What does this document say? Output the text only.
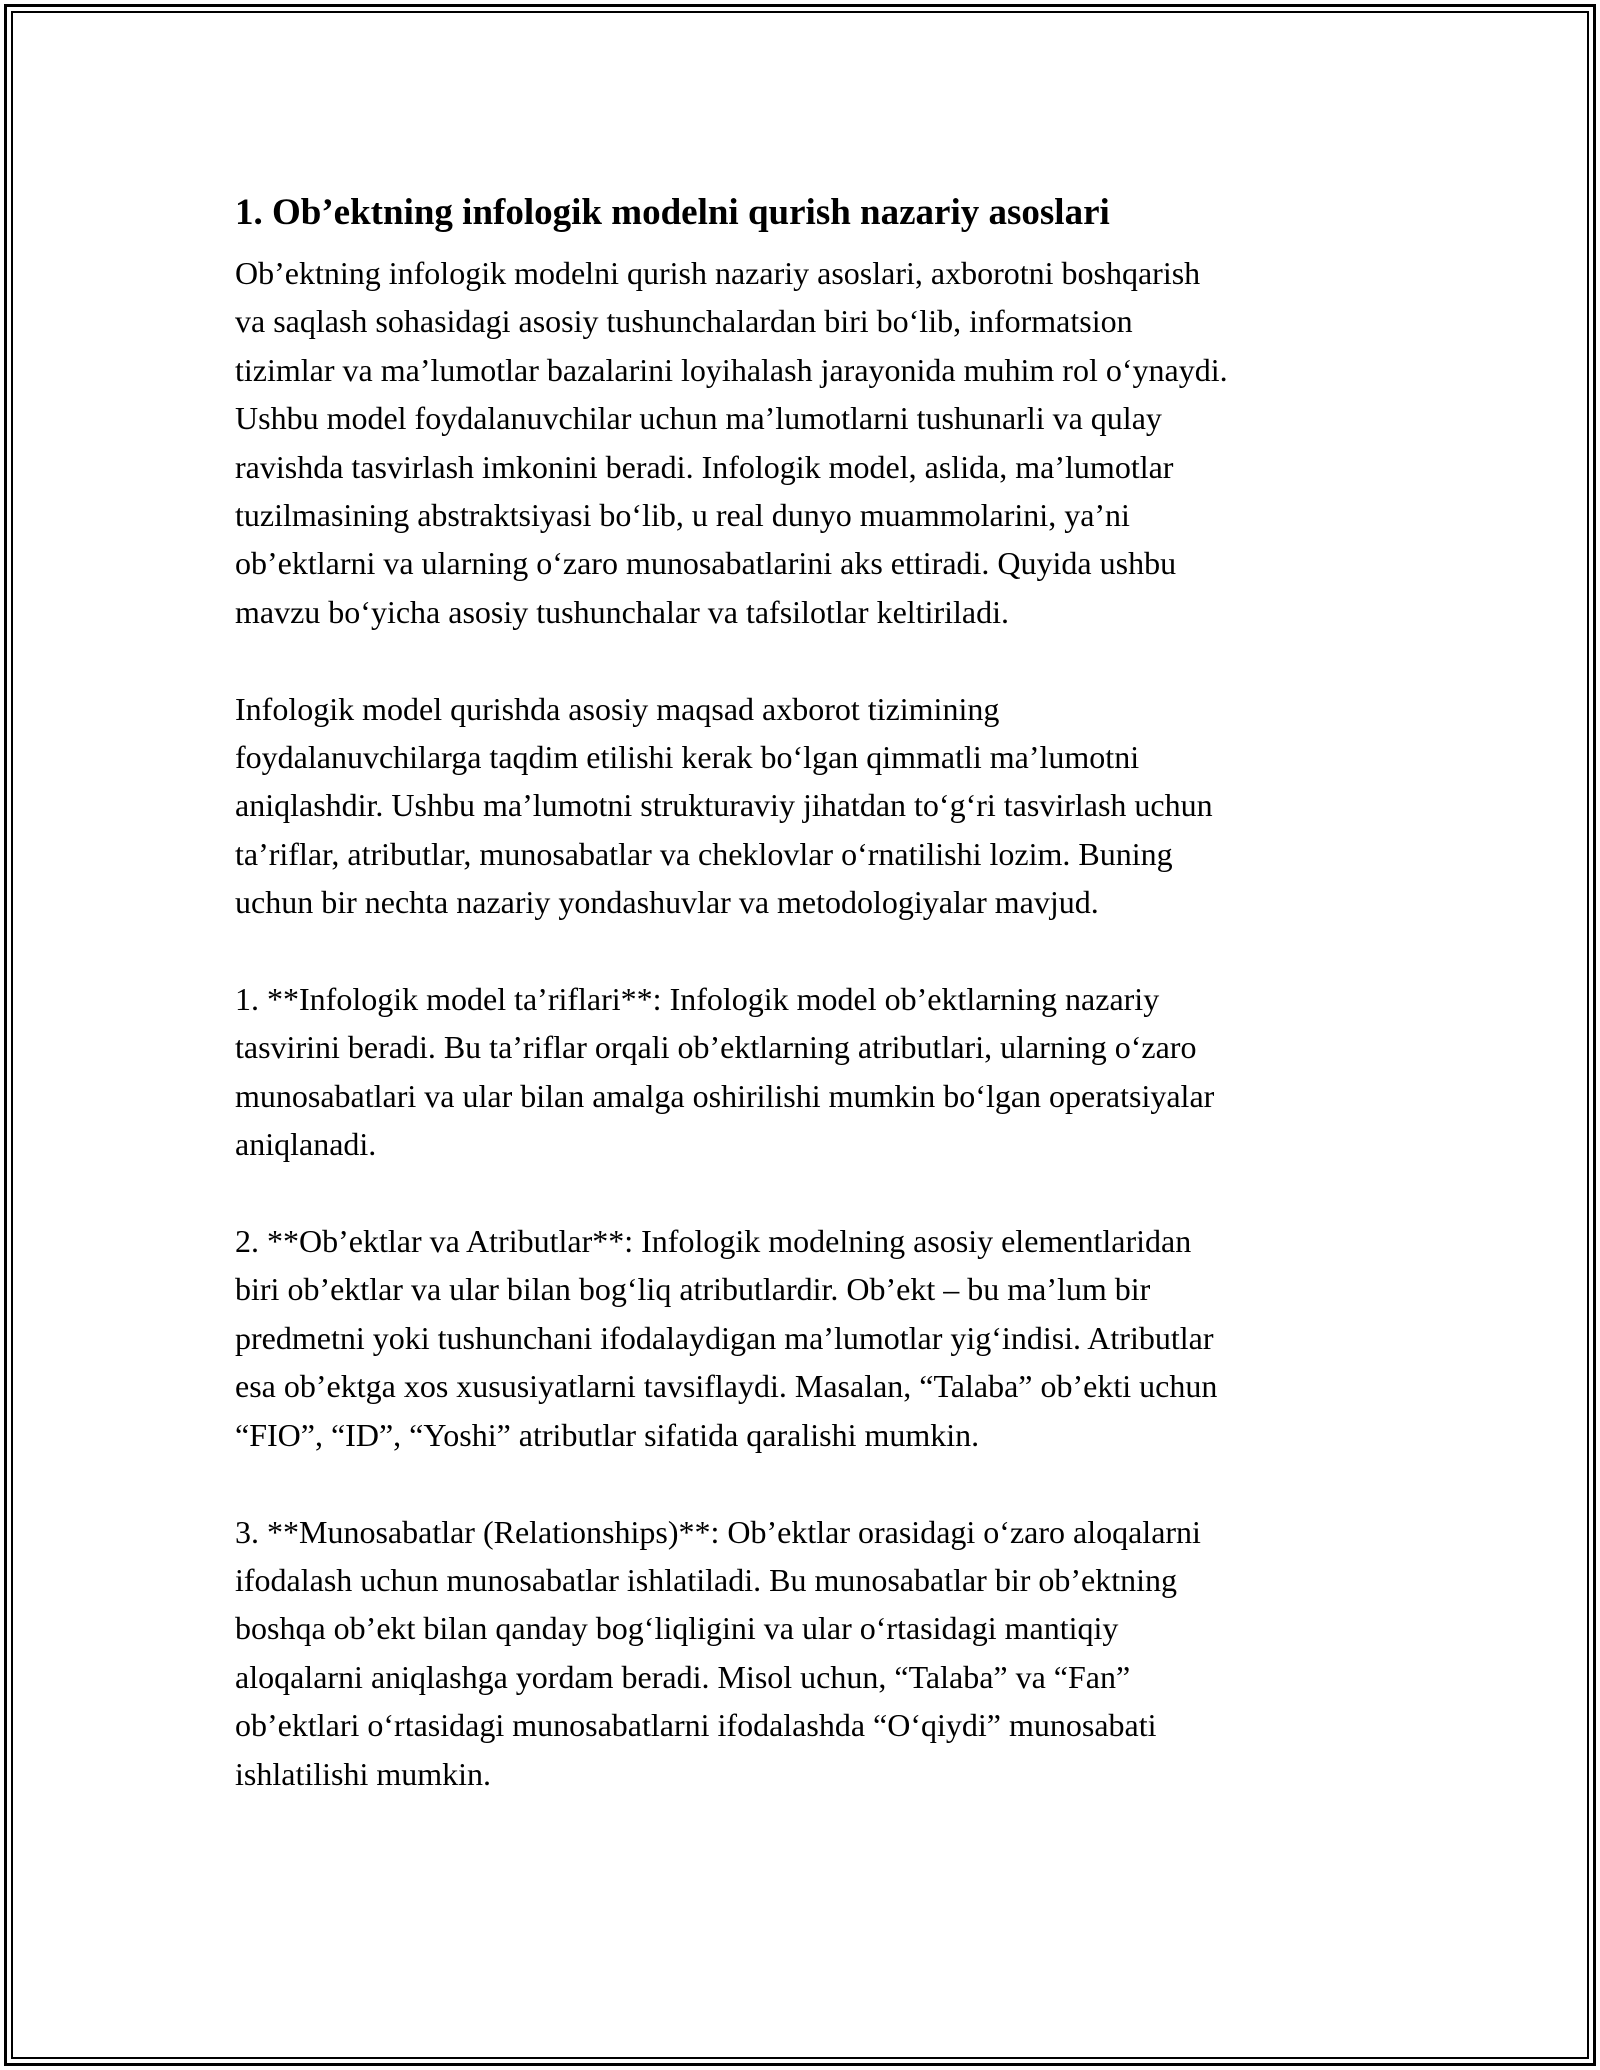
1. Ob’ektning infologik modelni qurish nazariy asoslari

Ob’ektning infologik modelni qurish nazariy asoslari, axborotni boshqarish va saqlash sohasidagi asosiy tushunchalardan biri bo‘lib, informatsion tizimlar va ma’lumotlar bazalarini loyihalash jarayonida muhim rol o‘ynaydi. Ushbu model foydalanuvchilar uchun ma’lumotlarni tushunarli va qulay ravishda tasvirlash imkonini beradi. Infologik model, aslida, ma’lumotlar tuzilmasining abstraktsiyasi bo‘lib, u real dunyo muammolarini, ya’ni ob’ektlarni va ularning o‘zaro munosabatlarini aks ettiradi. Quyida ushbu mavzu bo‘yicha asosiy tushunchalar va tafsilotlar keltiriladi.

Infologik model qurishda asosiy maqsad axborot tizimining foydalanuvchilarga taqdim etilishi kerak bo‘lgan qimmatli ma’lumotni aniqlashdir. Ushbu ma’lumotni strukturaviy jihatdan to‘g‘ri tasvirlash uchun ta’riflar, atributlar, munosabatlar va cheklovlar o‘rnatilishi lozim. Buning uchun bir nechta nazariy yondashuvlar va metodologiyalar mavjud.

1. **Infologik model ta’riflari**: Infologik model ob’ektlarning nazariy tasvirini beradi. Bu ta’riflar orqali ob’ektlarning atributlari, ularning o‘zaro munosabatlari va ular bilan amalga oshirilishi mumkin bo‘lgan operatsiyalar aniqlanadi.

2. **Ob’ektlar va Atributlar**: Infologik modelning asosiy elementlaridan biri ob’ektlar va ular bilan bog‘liq atributlardir. Ob’ekt – bu ma’lum bir predmetni yoki tushunchani ifodalaydigan ma’lumotlar yig‘indisi. Atributlar esa ob’ektga xos xususiyatlarni tavsiflaydi. Masalan, “Talaba” ob’ekti uchun “FIO”, “ID”, “Yoshi” atributlar sifatida qaralishi mumkin.

3. **Munosabatlar (Relationships)**: Ob’ektlar orasidagi o‘zaro aloqalarni ifodalash uchun munosabatlar ishlatiladi. Bu munosabatlar bir ob’ektning boshqa ob’ekt bilan qanday bog‘liqligini va ular o‘rtasidagi mantiqiy aloqalarni aniqlashga yordam beradi. Misol uchun, “Talaba” va “Fan” ob’ektlari o‘rtasidagi munosabatlarni ifodalashda “O‘qiydi” munosabati ishlatilishi mumkin.
